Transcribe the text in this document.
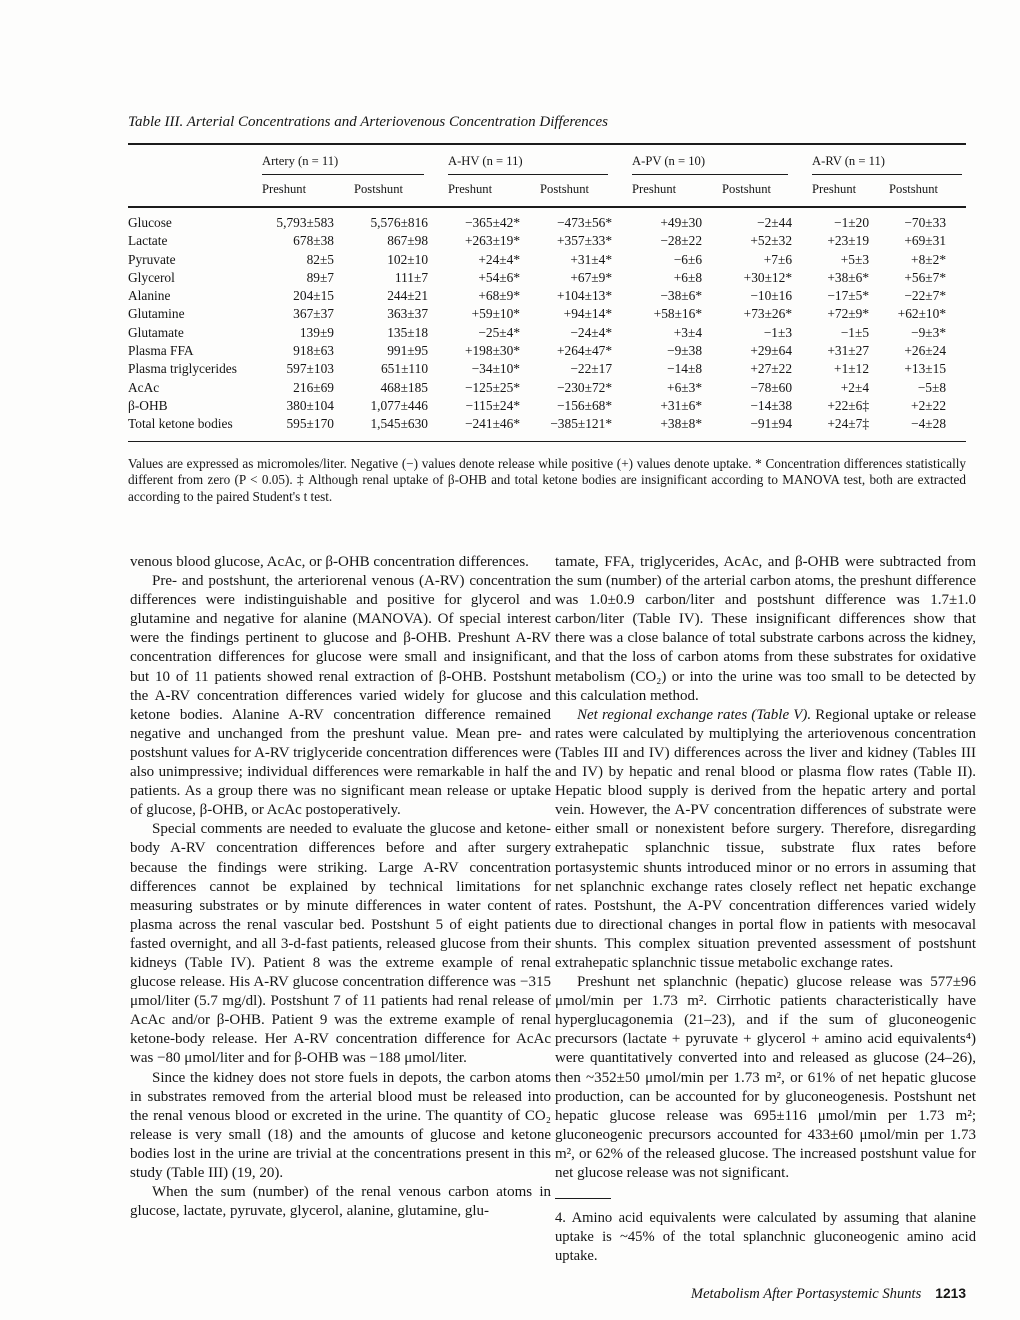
Table III. Arterial Concentrations and Arteriovenous Concentration Differences

	Artery (n = 11)		A-HV (n = 11)		A-PV (n = 10)		A-RV (n = 11)	

	Preshunt	Postshunt	Preshunt	Postshunt	Preshunt	Postshunt	Preshunt	Postshunt
Glucose	5,793±583	5,576±816	−365±42*	−473±56*	+49±30	−2±44	−1±20	−70±33
Lactate	678±38	867±98	+263±19*	+357±33*	−28±22	+52±32	+23±19	+69±31
Pyruvate	82±5	102±10	+24±4*	+31±4*	−6±6	+7±6	+5±3	+8±2*
Glycerol	89±7	111±7	+54±6*	+67±9*	+6±8	+30±12*	+38±6*	+56±7*
Alanine	204±15	244±21	+68±9*	+104±13*	−38±6*	−10±16	−17±5*	−22±7*
Glutamine	367±37	363±37	+59±10*	+94±14*	+58±16*	+73±26*	+72±9*	+62±10*
Glutamate	139±9	135±18	−25±4*	−24±4*	+3±4	−1±3	−1±5	−9±3*
Plasma FFA	918±63	991±95	+198±30*	+264±47*	−9±38	+29±64	+31±27	+26±24
Plasma triglycerides	597±103	651±110	−34±10*	−22±17	−14±8	+27±22	+1±12	+13±15
AcAc	216±69	468±185	−125±25*	−230±72*	+6±3*	−78±60	+2±4	−5±8
β-OHB	380±104	1,077±446	−115±24*	−156±68*	+31±6*	−14±38	+22±6‡	+2±22
Total ketone bodies	595±170	1,545±630	−241±46*	−385±121*	+38±8*	−91±94	+24±7‡	−4±28

Values are expressed as micromoles/liter. Negative (−) values denote release while positive (+) values denote uptake. * Concentration differences statistically different from zero (P < 0.05). ‡ Although renal uptake of β-OHB and total ketone bodies are insignificant according to MANOVA test, both are extracted according to the paired Student's t test.

venous blood glucose, AcAc, or β-OHB concentration differences.

Pre- and postshunt, the arteriorenal venous (A-RV) concentration differences were indistinguishable and positive for glycerol and glutamine and negative for alanine (MANOVA). Of special interest were the findings pertinent to glucose and β-OHB. Preshunt A-RV concentration differences for glucose were small and insignificant, but 10 of 11 patients showed renal extraction of β-OHB. Postshunt the A-RV concentration differences varied widely for glucose and ketone bodies. Alanine A-RV concentration difference remained negative and unchanged from the preshunt value. Mean pre- and postshunt values for A-RV triglyceride concentration differences were also unimpressive; individual differences were remarkable in half the patients. As a group there was no significant mean release or uptake of glucose, β-OHB, or AcAc postoperatively.

Special comments are needed to evaluate the glucose and ketone-body A-RV concentration differences before and after surgery because the findings were striking. Large A-RV concentration differences cannot be explained by technical limitations for measuring substrates or by minute differences in water content of plasma across the renal vascular bed. Postshunt 5 of eight patients fasted overnight, and all 3-d-fast patients, released glucose from their kidneys (Table IV). Patient 8 was the extreme example of renal glucose release. His A-RV glucose concentration difference was −315 μmol/liter (5.7 mg/dl). Postshunt 7 of 11 patients had renal release of AcAc and/or β-OHB. Patient 9 was the extreme example of renal ketone-body release. Her A-RV concentration difference for AcAc was −80 μmol/liter and for β-OHB was −188 μmol/liter.

Since the kidney does not store fuels in depots, the carbon atoms in substrates removed from the arterial blood must be released into the renal venous blood or excreted in the urine. The quantity of CO₂ release is very small (18) and the amounts of glucose and ketone bodies lost in the urine are trivial at the concentrations present in this study (Table III) (19, 20).

When the sum (number) of the renal venous carbon atoms in glucose, lactate, pyruvate, glycerol, alanine, glutamine, glu-

tamate, FFA, triglycerides, AcAc, and β-OHB were subtracted from the sum (number) of the arterial carbon atoms, the preshunt difference was 1.0±0.9 carbon/liter and postshunt difference was 1.7±1.0 carbon/liter (Table IV). These insignificant differences show that there was a close balance of total substrate carbons across the kidney, and that the loss of carbon atoms from these substrates for oxidative metabolism (CO₂) or into the urine was too small to be detected by this calculation method.

Net regional exchange rates (Table V). Regional uptake or release rates were calculated by multiplying the arteriovenous concentration (Tables III and IV) differences across the liver and kidney (Tables III and IV) by hepatic and renal blood or plasma flow rates (Table II). Hepatic blood supply is derived from the hepatic artery and portal vein. However, the A-PV concentration differences of substrate were either small or nonexistent before surgery. Therefore, disregarding extrahepatic splanchnic tissue, substrate flux rates before portasystemic shunts introduced minor or no errors in assuming that net splanchnic exchange rates closely reflect net hepatic exchange rates. Postshunt, the A-PV concentration differences varied widely due to directional changes in portal flow in patients with mesocaval shunts. This complex situation prevented assessment of postshunt extrahepatic splanchnic tissue metabolic exchange rates.

Preshunt net splanchnic (hepatic) glucose release was 577±96 μmol/min per 1.73 m². Cirrhotic patients characteristically have hyperglucagonemia (21–23), and if the sum of gluconeogenic precursors (lactate + pyruvate + glycerol + amino acid equivalents⁴) were quantitatively converted into and released as glucose (24–26), then ~352±50 μmol/min per 1.73 m², or 61% of net hepatic glucose production, can be accounted for by gluconeogenesis. Postshunt net hepatic glucose release was 695±116 μmol/min per 1.73 m²; gluconeogenic precursors accounted for 433±60 μmol/min per 1.73 m², or 62% of the released glucose. The increased postshunt value for net glucose release was not significant.

4. Amino acid equivalents were calculated by assuming that alanine uptake is ~45% of the total splanchnic gluconeogenic amino acid uptake.

Metabolism After Portasystemic Shunts 1213
